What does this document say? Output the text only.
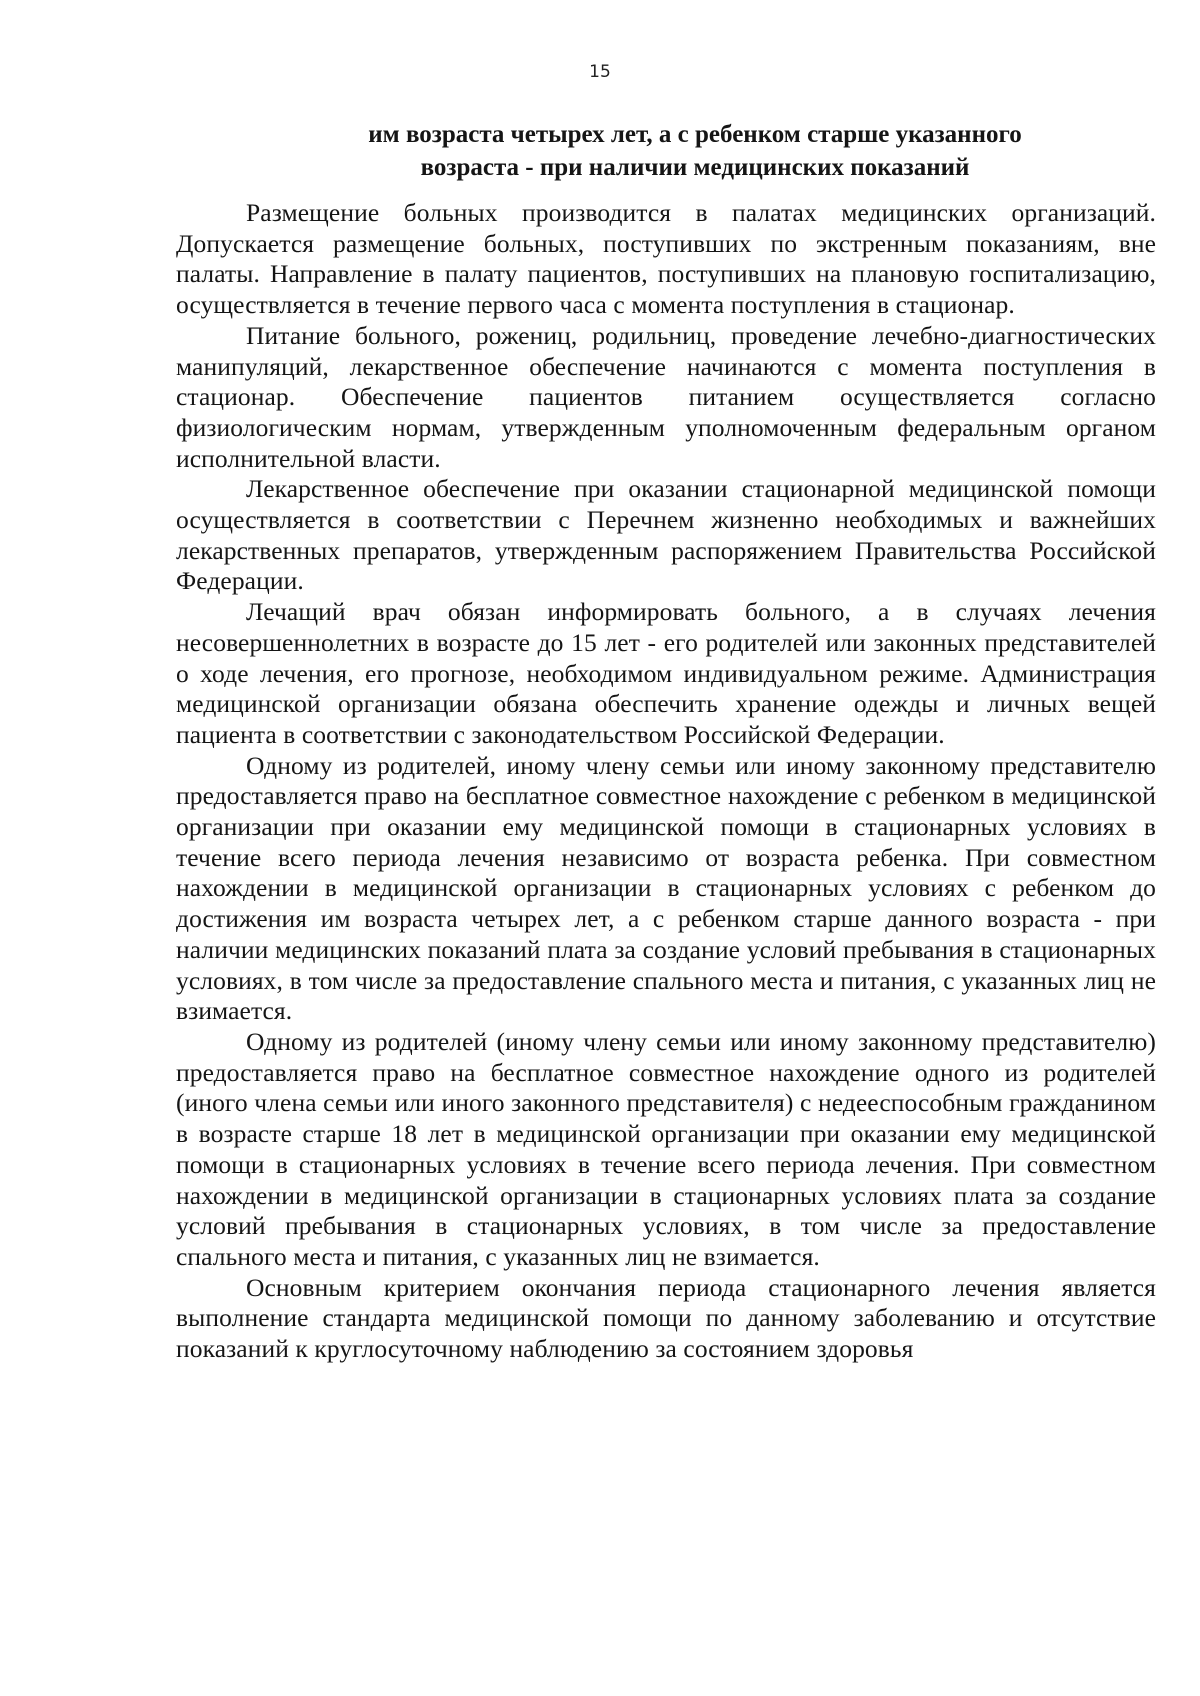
15
им возраста четырех лет, а с ребенком старше указанного
возраста - при наличии медицинских показаний

Размещение больных производится в палатах медицинских организаций. Допускается размещение больных, поступивших по экстренным показаниям, вне палаты. Направление в палату пациентов, поступивших на плановую госпитализацию, осуществляется в течение первого часа с момента поступления в стационар.

Питание больного, рожениц, родильниц, проведение лечебно-диагностических манипуляций, лекарственное обеспечение начинаются с момента поступления в стационар. Обеспечение пациентов питанием осуществляется согласно физиологическим нормам, утвержденным уполномоченным федеральным органом исполнительной власти.

Лекарственное обеспечение при оказании стационарной медицинской помощи осуществляется в соответствии с Перечнем жизненно необходимых и важнейших лекарственных препаратов, утвержденным распоряжением Правительства Российской Федерации.

Лечащий врач обязан информировать больного, а в случаях лечения несовершеннолетних в возрасте до 15 лет - его родителей или законных представителей о ходе лечения, его прогнозе, необходимом индивидуальном режиме. Администрация медицинской организации обязана обеспечить хранение одежды и личных вещей пациента в соответствии с законодательством Российской Федерации.

Одному из родителей, иному члену семьи или иному законному представителю предоставляется право на бесплатное совместное нахождение с ребенком в медицинской организации при оказании ему медицинской помощи в стационарных условиях в течение всего периода лечения независимо от возраста ребенка. При совместном нахождении в медицинской организации в стационарных условиях с ребенком до достижения им возраста четырех лет, а с ребенком старше данного возраста - при наличии медицинских показаний плата за создание условий пребывания в стационарных условиях, в том числе за предоставление спального места и питания, с указанных лиц не взимается.

Одному из родителей (иному члену семьи или иному законному представителю) предоставляется право на бесплатное совместное нахождение одного из родителей (иного члена семьи или иного законного представителя) с недееспособным гражданином в возрасте старше 18 лет в медицинской организации при оказании ему медицинской помощи в стационарных условиях в течение всего периода лечения. При совместном нахождении в медицинской организации в стационарных условиях плата за создание условий пребывания в стационарных условиях, в том числе за предоставление спального места и питания, с указанных лиц не взимается.

Основным критерием окончания периода стационарного лечения является выполнение стандарта медицинской помощи по данному заболеванию и отсутствие показаний к круглосуточному наблюдению за состоянием здоровья
